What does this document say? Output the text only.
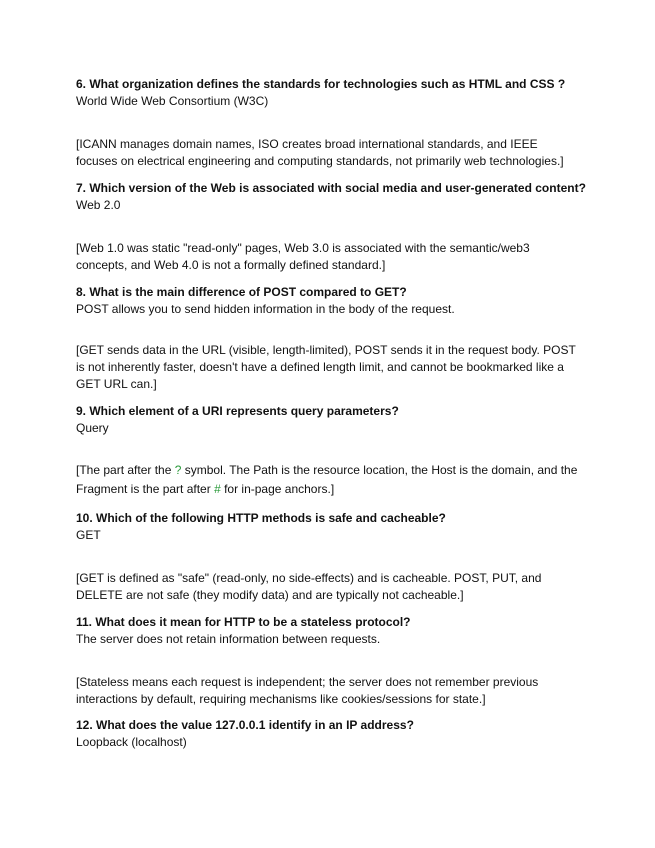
6. What organization defines the standards for technologies such as HTML and CSS ?

World Wide Web Consortium (W3C)

[ICANN manages domain names, ISO creates broad international standards, and IEEE focuses on electrical engineering and computing standards, not primarily web technologies.]

7. Which version of the Web is associated with social media and user-generated content?

Web 2.0

[Web 1.0 was static "read-only" pages, Web 3.0 is associated with the semantic/web3 concepts, and Web 4.0 is not a formally defined standard.]

8. What is the main difference of POST compared to GET?

POST allows you to send hidden information in the body of the request.

[GET sends data in the URL (visible, length-limited), POST sends it in the request body. POST is not inherently faster, doesn't have a defined length limit, and cannot be bookmarked like a GET URL can.]

9. Which element of a URI represents query parameters?

Query

[The part after the ? symbol. The Path is the resource location, the Host is the domain, and the Fragment is the part after # for in-page anchors.]

10. Which of the following HTTP methods is safe and cacheable?

GET

[GET is defined as "safe" (read-only, no side-effects) and is cacheable. POST, PUT, and DELETE are not safe (they modify data) and are typically not cacheable.]

11. What does it mean for HTTP to be a stateless protocol?

The server does not retain information between requests.

[Stateless means each request is independent; the server does not remember previous interactions by default, requiring mechanisms like cookies/sessions for state.]

12. What does the value 127.0.0.1 identify in an IP address?

Loopback (localhost)
